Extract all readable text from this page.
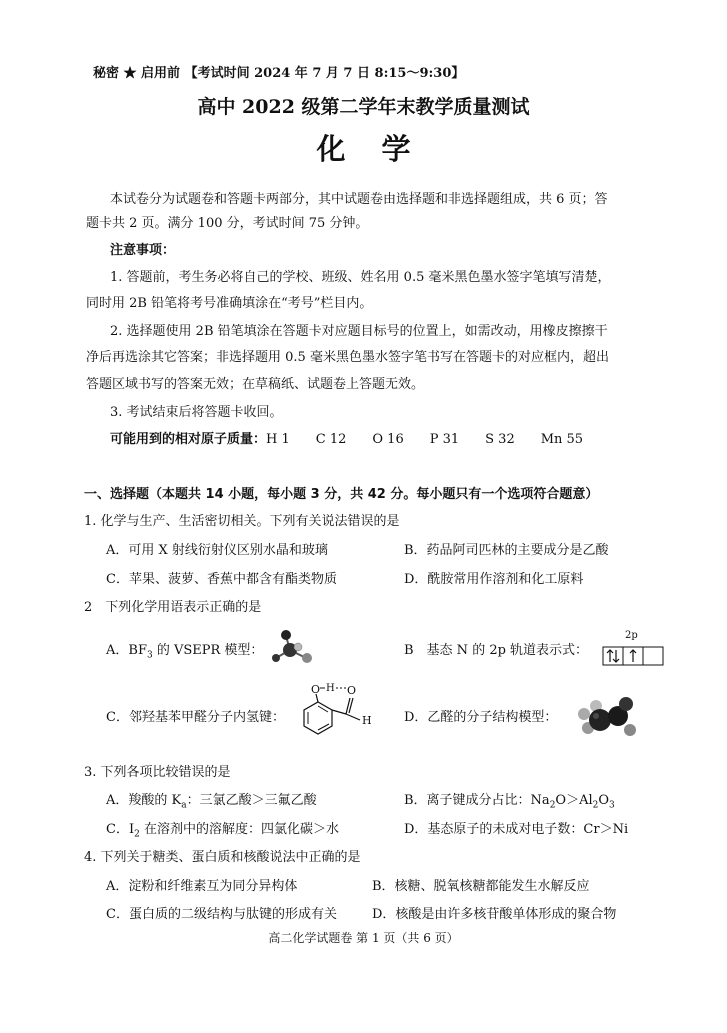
秘密 ★ 启用前 【考试时间 2024 年 7 月 7 日 8:15～9:30】
高中 2022 级第二学年末教学质量测试
化学
本试卷分为试题卷和答题卡两部分，其中试题卷由选择题和非选择题组成，共 6 页；答
题卡共 2 页。满分 100 分，考试时间 75 分钟。
注意事项：
1. 答题前，考生务必将自己的学校、班级、姓名用 0.5 毫米黑色墨水签字笔填写清楚，
同时用 2B 铅笔将考号准确填涂在“考号”栏目内。
2. 选择题使用 2B 铅笔填涂在答题卡对应题目标号的位置上，如需改动，用橡皮擦擦干
净后再选涂其它答案；非选择题用 0.5 毫米黑色墨水签字笔书写在答题卡的对应框内，超出
答题区域书写的答案无效；在草稿纸、试题卷上答题无效。
3. 考试结束后将答题卡收回。
可能用到的相对原子质量：H 1　　C 12　　O 16　　P 31　　S 32　　Mn 55
一、选择题（本题共 14 小题，每小题 3 分，共 42 分。每小题只有一个选项符合题意）
1. 化学与生产、生活密切相关。下列有关说法错误的是
A．可用 X 射线衍射仪区别水晶和玻璃	B．药品阿司匹林的主要成分是乙酸
C．苹果、菠萝、香蕉中都含有酯类物质	D．酰胺常用作溶剂和化工原料
2　下列化学用语表示正确的是
A．$BF_3$ 的 VSEPR 模型：	B　基态 N 的 2p 轨道表示式：
2p
C．邻羟基苯甲醛分子内氢键：
O H O
H D．乙醛的分子结构模型：
3. 下列各项比较错误的是
A．羧酸的 $K_a$：三氯乙酸＞三氟乙酸	B．离子键成分占比：$Na_2O>Al_2O_3$
C．$I_2$ 在溶剂中的溶解度：四氯化碳＞水	D．基态原子的未成对电子数：Cr＞Ni
4. 下列关于糖类、蛋白质和核酸说法中正确的是
A．淀粉和纤维素互为同分异构体	B．核糖、脱氧核糖都能发生水解反应
C．蛋白质的二级结构与肽键的形成有关	D．核酸是由许多核苷酸单体形成的聚合物
高二化学试题卷 第 1 页（共 6 页）
